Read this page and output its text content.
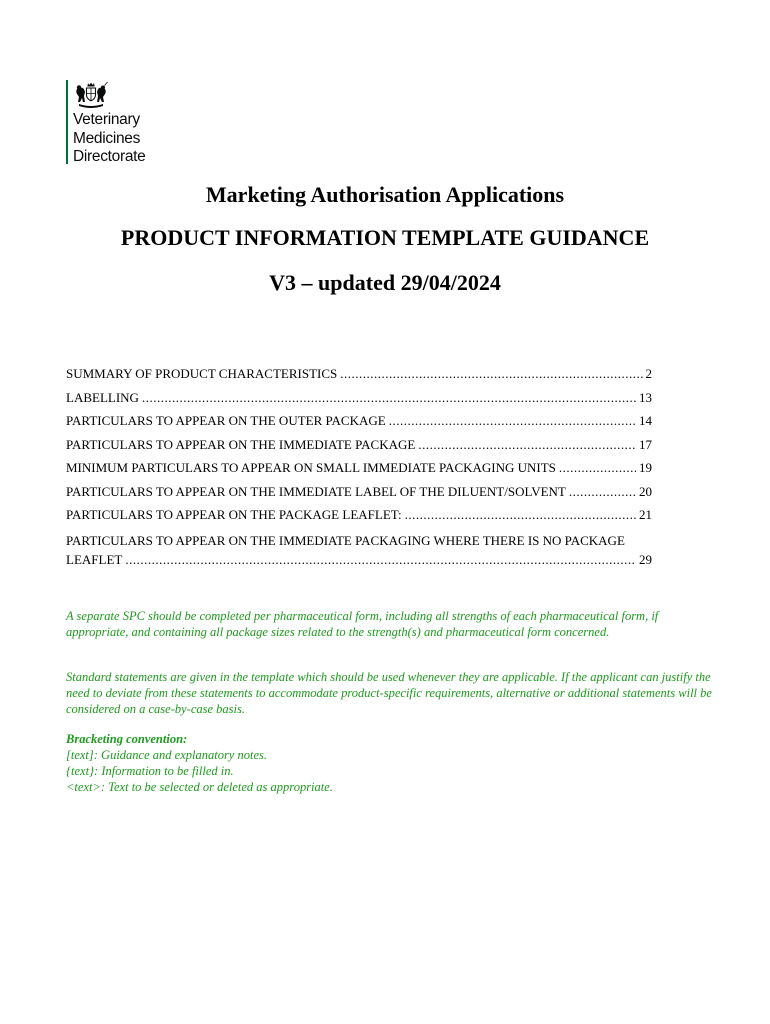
Veterinary
Medicines
Directorate
Marketing Authorisation Applications
PRODUCT INFORMATION TEMPLATE GUIDANCE
V3 – updated 29/04/2024
SUMMARY OF PRODUCT CHARACTERISTICS .....	2
LABELLING .....	13
PARTICULARS TO APPEAR ON THE OUTER PACKAGE .....	14
PARTICULARS TO APPEAR ON THE IMMEDIATE PACKAGE .....	17
MINIMUM PARTICULARS TO APPEAR ON SMALL IMMEDIATE PACKAGING UNITS .....	19
PARTICULARS TO APPEAR ON THE IMMEDIATE LABEL OF THE DILUENT/SOLVENT .....	20
PARTICULARS TO APPEAR ON THE PACKAGE LEAFLET: .....	21
PARTICULARS TO APPEAR ON THE IMMEDIATE PACKAGING WHERE THERE IS NO PACKAGE
LEAFLET .....	29
A separate SPC should be completed per pharmaceutical form, including all strengths of each pharmaceutical form, if appropriate, and containing all package sizes related to the strength(s) and pharmaceutical form concerned.
Standard statements are given in the template which should be used whenever they are applicable. If the applicant can justify the need to deviate from these statements to accommodate product-specific requirements, alternative or additional statements will be considered on a case-by-case basis.
Bracketing convention:
[text]: Guidance and explanatory notes.
{text}: Information to be filled in.
<text>: Text to be selected or deleted as appropriate.
